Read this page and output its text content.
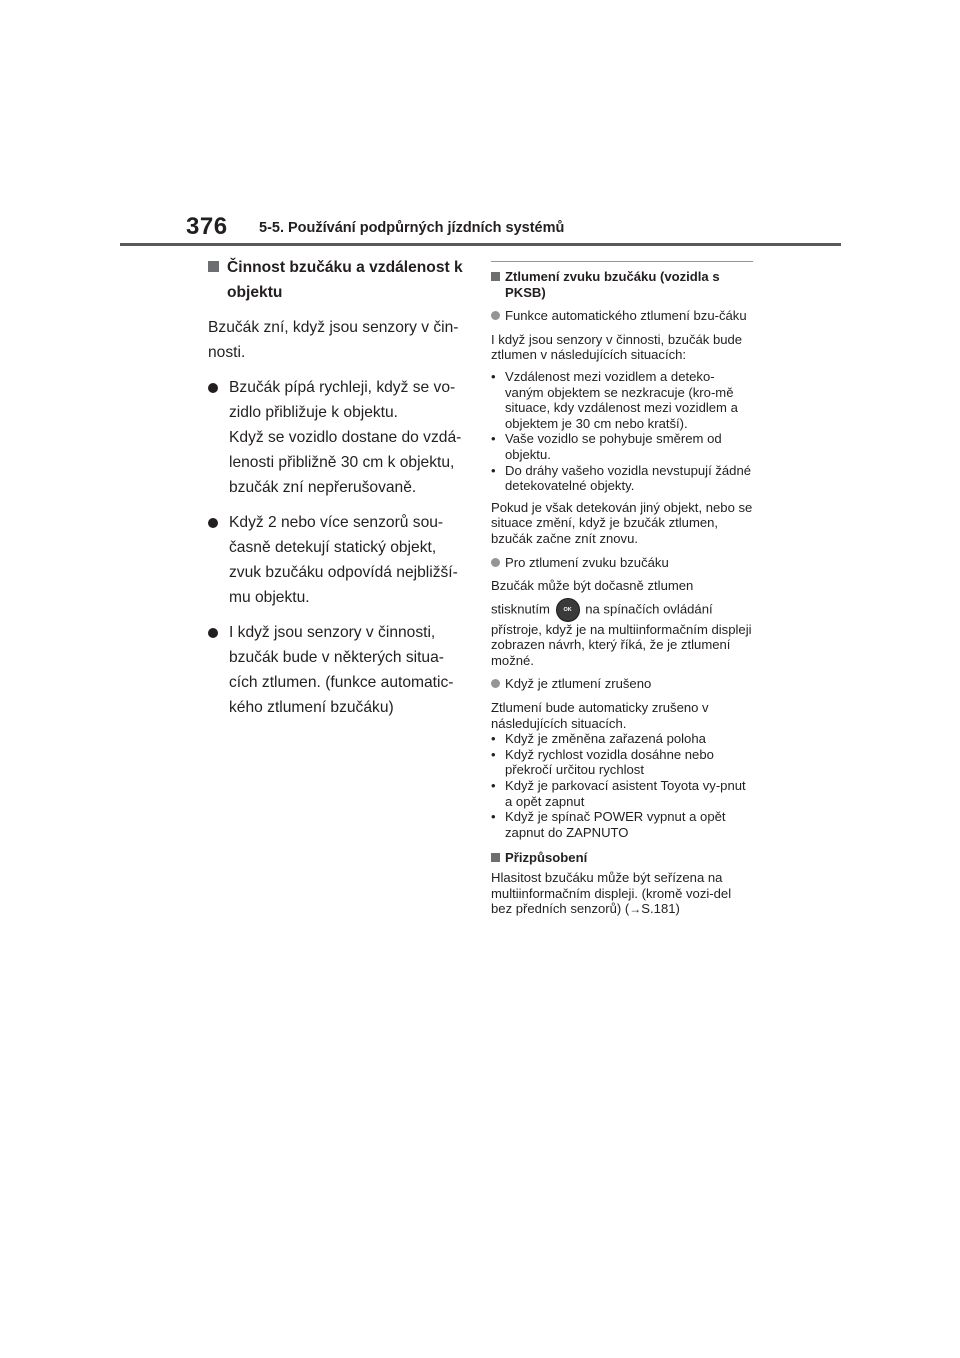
376 5-5. Používání podpůrných jízdních systémů
Činnost bzučáku a vzdálenost k objektu

Bzučák zní, když jsou senzory v čin-nosti.

Bzučák pípá rychleji, když se vo-zidlo přibližuje k objektu.
Když se vozidlo dostane do vzdá-lenosti přibližně 30 cm k objektu, bzučák zní nepřerušovaně.
Když 2 nebo více senzorů sou-časně detekují statický objekt, zvuk bzučáku odpovídá nejbližší-mu objektu.
I když jsou senzory v činnosti, bzučák bude v některých situa-cích ztlumen. (funkce automatic-kého ztlumení bzučáku)
Ztlumení zvuku bzučáku (vozidla s PKSB)
Funkce automatického ztlumení bzu-čáku

I když jsou senzory v činnosti, bzučák bude ztlumen v následujících situacích:

• Vzdálenost mezi vozidlem a deteko-vaným objektem se nezkracuje (kro-mě situace, kdy vzdálenost mezi vozidlem a objektem je 30 cm nebo kratší).
• Vaše vozidlo se pohybuje směrem od objektu.
• Do dráhy vašeho vozidla nevstupují žádné detekovatelné objekty.

Pokud je však detekován jiný objekt, nebo se situace změní, když je bzučák ztlumen, bzučák začne znít znovu.

Pro ztlumení zvuku bzučáku

Bzučák může být dočasně ztlumen

stisknutím OK na spínačích ovládání přístroje, když je na multiinformačním displeji zobrazen návrh, který říká, že je ztlumení možné.

Když je ztlumení zrušeno

Ztlumení bude automaticky zrušeno v následujících situacích.

• Když je změněna zařazená poloha
• Když rychlost vozidla dosáhne nebo překročí určitou rychlost
• Když je parkovací asistent Toyota vy-pnut a opět zapnut
• Když je spínač POWER vypnut a opět zapnut do ZAPNUTO
Přizpůsobení

Hlasitost bzučáku může být seřízena na multiinformačním displeji. (kromě vozi-del bez předních senzorů) (→S.181)
